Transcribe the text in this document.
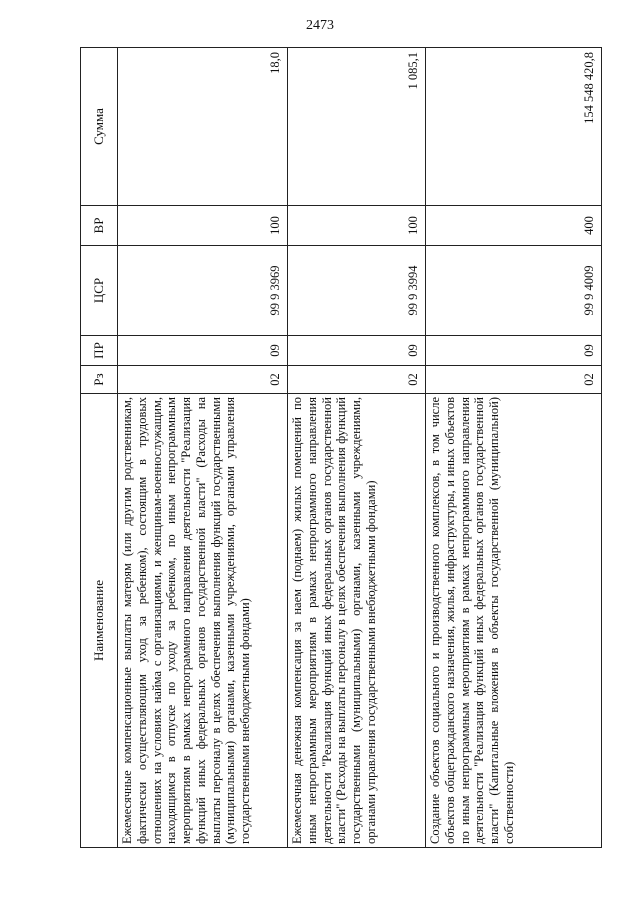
2473
Наименование	Рз	ПР	ЦСР	ВР	Сумма
Ежемесячные компенсационные выплаты матерям (или другим родственникам, фактически осуществляющим уход за ребенком), состоящим в трудовых отношениях на условиях найма с организациями, и женщинам-военнослужащим, находящимся в отпуске по уходу за ребенком, по иным непрограммным мероприятиям в рамках непрограммного направления деятельности "Реализация функций иных федеральных органов государственной власти" (Расходы на выплаты персоналу в целях обеспечения выполнения функций государственными (муниципальными) органами, казенными учреждениями, органами управления государственными внебюджетными фондами)	02	09	99 9 3969	100	18,0
Ежемесячная денежная компенсация за наем (поднаем) жилых помещений по иным непрограммным мероприятиям в рамках непрограммного направления деятельности "Реализация функций иных федеральных органов государственной власти" (Расходы на выплаты персоналу в целях обеспечения выполнения функций государственными (муниципальными) органами, казенными учреждениями, органами управления государственными внебюджетными фондами)	02	09	99 9 3994	100	1 085,1
Создание объектов социального и производственного комплексов, в том числе объектов общегражданского назначения, жилья, инфраструктуры, и иных объектов по иным непрограммным мероприятиям в рамках непрограммного направления деятельности "Реализация функций иных федеральных органов государственной власти" (Капитальные вложения в объекты государственной (муниципальной) собственности)	02	09	99 9 4009	400	154 548 420,8
